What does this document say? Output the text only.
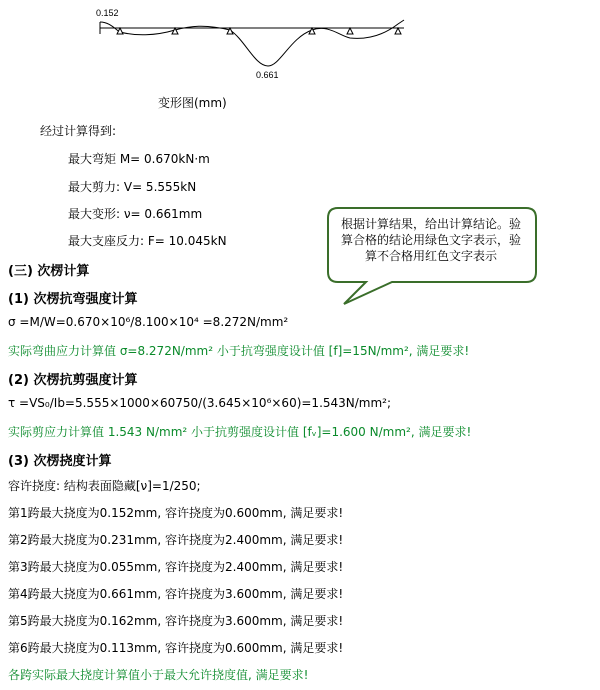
0.152
0.661
变形图(mm)
经过计算得到:
最大弯矩 M= 0.670kN·m
最大剪力: V= 5.555kN
最大变形: ν= 0.661mm
最大支座反力: F= 10.045kN
根据计算结果，给出计算结论。验算合格的结论用绿色文字表示，验算不合格用红色文字表示
(三) 次楞计算
(1) 次楞抗弯强度计算
σ =M/W=0.670×10⁶/8.100×10⁴ =8.272N/mm²
实际弯曲应力计算值 σ=8.272N/mm² 小于抗弯强度设计值 [f]=15N/mm², 满足要求!
(2) 次楞抗剪强度计算
τ =VS₀/Ib=5.555×1000×60750/(3.645×10⁶×60)=1.543N/mm²;
实际剪应力计算值 1.543 N/mm² 小于抗剪强度设计值 [fᵥ]=1.600 N/mm², 满足要求!
(3) 次楞挠度计算
容许挠度: 结构表面隐藏[ν]=1/250;
第1跨最大挠度为0.152mm, 容许挠度为0.600mm, 满足要求!
第2跨最大挠度为0.231mm, 容许挠度为2.400mm, 满足要求!
第3跨最大挠度为0.055mm, 容许挠度为2.400mm, 满足要求!
第4跨最大挠度为0.661mm, 容许挠度为3.600mm, 满足要求!
第5跨最大挠度为0.162mm, 容许挠度为3.600mm, 满足要求!
第6跨最大挠度为0.113mm, 容许挠度为0.600mm, 满足要求!
各跨实际最大挠度计算值小于最大允许挠度值, 满足要求!
